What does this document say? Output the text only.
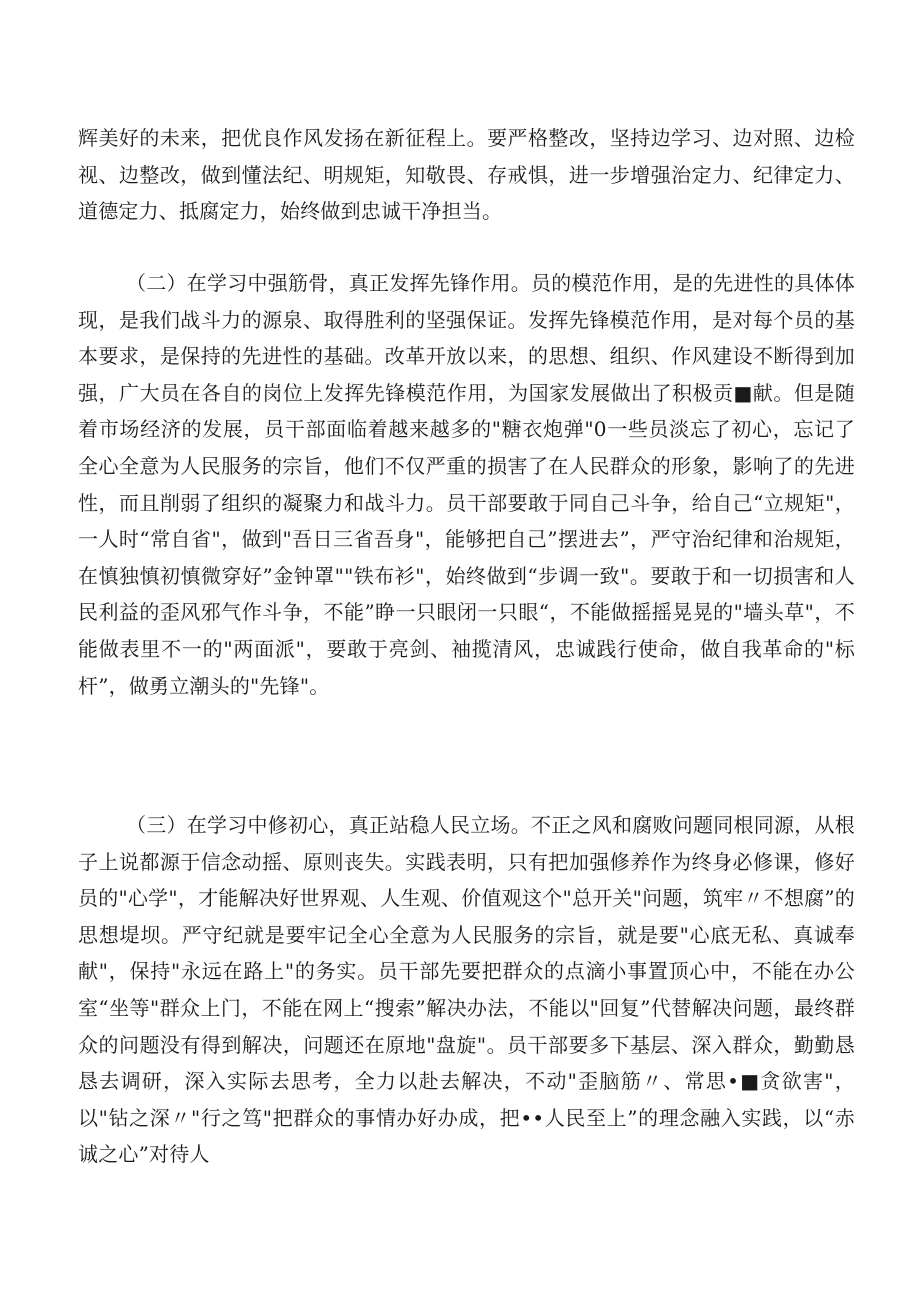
辉美好的未来，把优良作风发扬在新征程上。要严格整改，坚持边学习、边对照、边检视、边整改，做到懂法纪、明规矩，知敬畏、存戒惧，进一步增强治定力、纪律定力、道德定力、抵腐定力，始终做到忠诚干净担当。

（二）在学习中强筋骨，真正发挥先锋作用。员的模范作用，是的先进性的具体体现，是我们战斗力的源泉、取得胜利的坚强保证。发挥先锋模范作用，是对每个员的基本要求，是保持的先进性的基础。改革开放以来，的思想、组织、作风建设不断得到加强，广大员在各自的岗位上发挥先锋模范作用，为国家发展做出了积极贡■献。但是随着市场经济的发展，员干部面临着越来越多的"糖衣炮弹"0一些员淡忘了初心，忘记了全心全意为人民服务的宗旨，他们不仅严重的损害了在人民群众的形象，影响了的先进性，而且削弱了组织的凝聚力和战斗力。员干部要敢于同自己斗争，给自己“立规矩"，一人时“常自省"，做到"吾日三省吾身"，能够把自己”摆进去”，严守治纪律和治规矩，在慎独慎初慎微穿好”金钟罩""铁布衫"，始终做到“步调一致"。要敢于和一切损害和人民利益的歪风邪气作斗争，不能”睁一只眼闭一只眼“，不能做摇摇晃晃的"墙头草"，不能做表里不一的"两面派"，要敢于亮剑、袖揽清风，忠诚践行使命，做自我革命的"标杆”，做勇立潮头的"先锋"。

（三）在学习中修初心，真正站稳人民立场。不正之风和腐败问题同根同源，从根子上说都源于信念动摇、原则丧失。实践表明，只有把加强修养作为终身必修课，修好员的"心学"，才能解决好世界观、人生观、价值观这个"总开关"问题，筑牢〃不想腐”的思想堤坝。严守纪就是要牢记全心全意为人民服务的宗旨，就是要"心底无私、真诚奉献"，保持"永远在路上"的务实。员干部先要把群众的点滴小事置顶心中，不能在办公室“坐等"群众上门，不能在网上“搜索”解决办法，不能以"回复”代替解决问题，最终群众的问题没有得到解决，问题还在原地"盘旋"。员干部要多下基层、深入群众，勤勤恳恳去调研，深入实际去思考，全力以赴去解决，不动"歪脑筋〃、常思•■贪欲害"，以"钻之深〃"行之笃"把群众的事情办好办成，把••人民至上”的理念融入实践，以“赤诚之心”对待人
